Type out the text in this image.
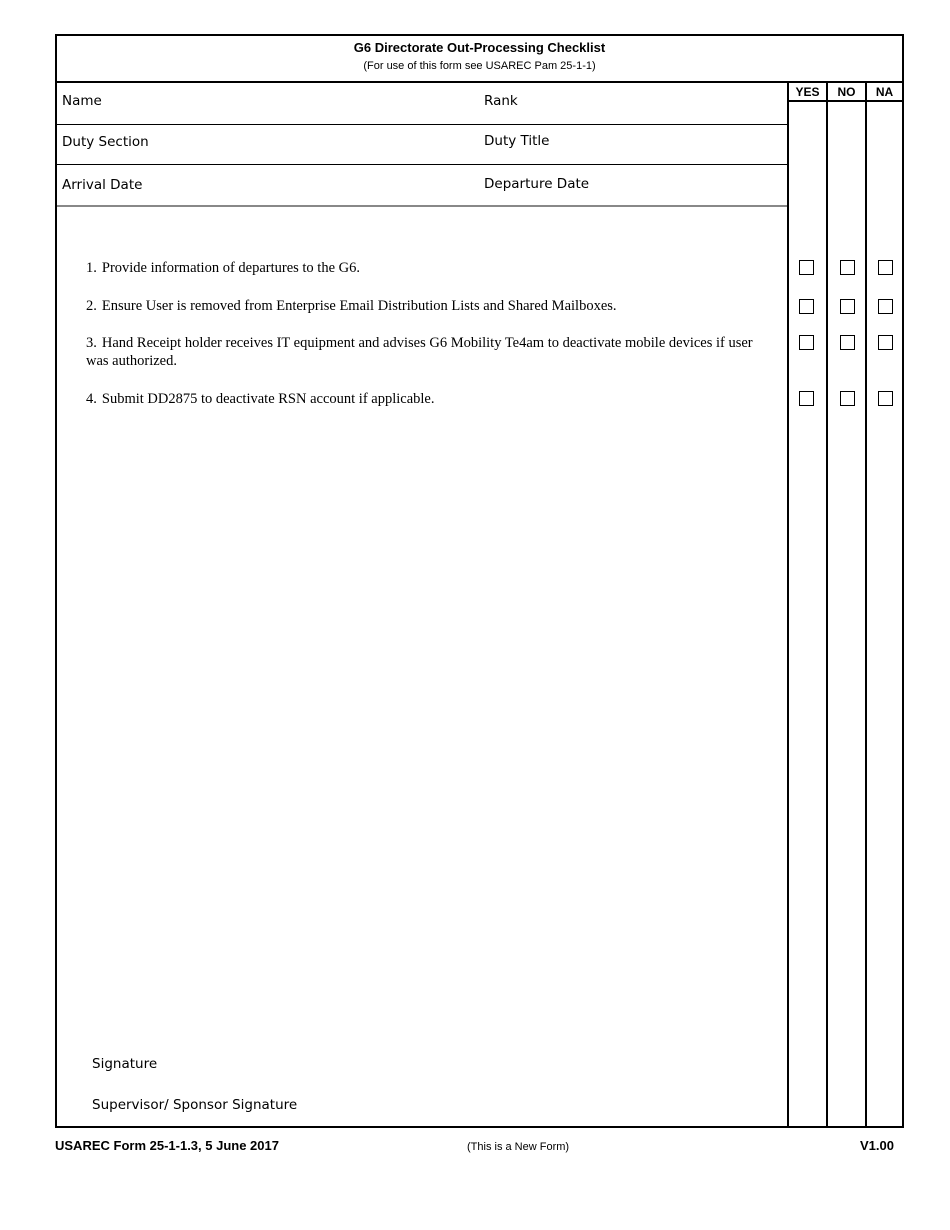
G6 Directorate Out-Processing Checklist
(For use of this form see USAREC Pam 25-1-1)
YES	NO	NA
Name	Rank
Duty Section	Duty Title
Arrival Date	Departure Date
1. Provide information of departures to the G6.
2. Ensure User is removed from Enterprise Email Distribution Lists and Shared Mailboxes.
3. Hand Receipt holder receives IT equipment and advises G6 Mobility Te4am to deactivate mobile devices if user was authorized.
4. Submit DD2875 to deactivate RSN account if applicable.
Signature
Supervisor/ Sponsor Signature
USAREC Form 25-1-1.3, 5 June 2017	(This is a New Form)	V1.00
